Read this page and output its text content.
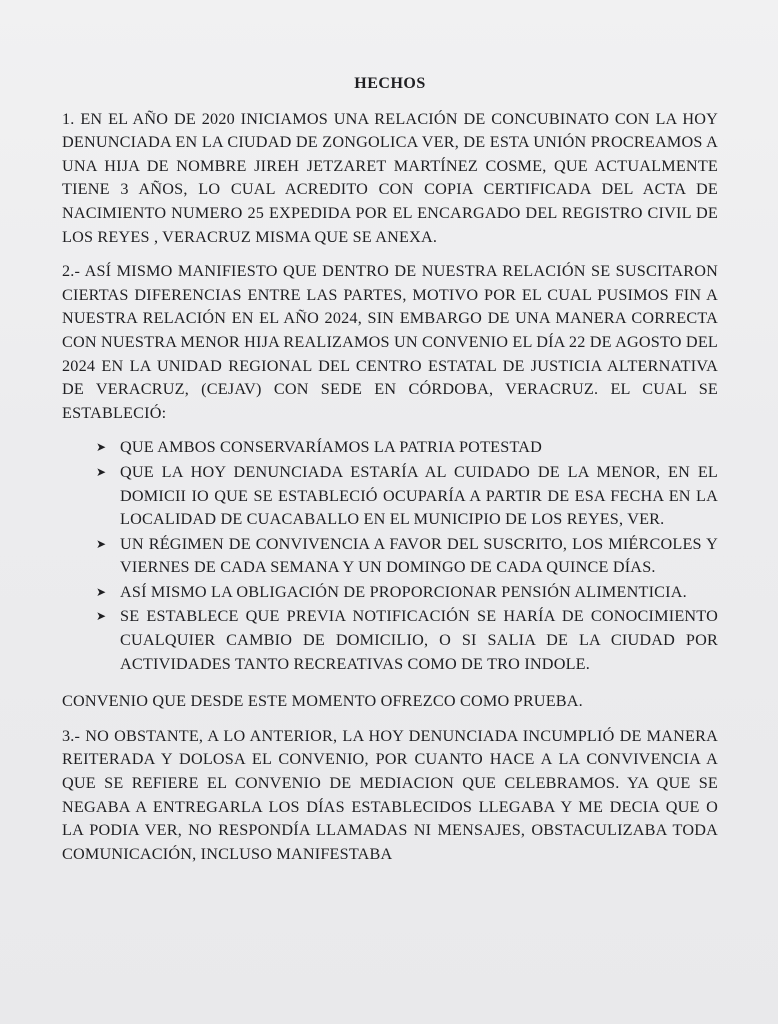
HECHOS

1. EN EL AÑO DE 2020 INICIAMOS UNA RELACIÓN DE CONCUBINATO CON LA HOY DENUNCIADA EN LA CIUDAD DE ZONGOLICA VER, DE ESTA UNIÓN PROCREAMOS A UNA HIJA DE NOMBRE JIREH JETZARET MARTÍNEZ COSME, QUE ACTUALMENTE TIENE 3 AÑOS, LO CUAL ACREDITO CON COPIA CERTIFICADA DEL ACTA DE NACIMIENTO NUMERO 25 EXPEDIDA POR EL ENCARGADO DEL REGISTRO CIVIL DE LOS REYES , VERACRUZ MISMA QUE SE ANEXA.

2.- ASÍ MISMO MANIFIESTO QUE DENTRO DE NUESTRA RELACIÓN SE SUSCITARON CIERTAS DIFERENCIAS ENTRE LAS PARTES, MOTIVO POR EL CUAL PUSIMOS FIN A NUESTRA RELACIÓN EN EL AÑO 2024, SIN EMBARGO DE UNA MANERA CORRECTA CON NUESTRA MENOR HIJA REALIZAMOS UN CONVENIO EL DÍA 22 DE AGOSTO DEL 2024 EN LA UNIDAD REGIONAL DEL CENTRO ESTATAL DE JUSTICIA ALTERNATIVA DE VERACRUZ, (CEJAV) CON SEDE EN CÓRDOBA, VERACRUZ. EL CUAL SE ESTABLECIÓ:

➤ QUE AMBOS CONSERVARÍAMOS LA PATRIA POTESTAD
➤ QUE LA HOY DENUNCIADA ESTARÍA AL CUIDADO DE LA MENOR, EN EL DOMICII IO QUE SE ESTABLECIÓ OCUPARÍA A PARTIR DE ESA FECHA EN LA LOCALIDAD DE CUACABALLO EN EL MUNICIPIO DE LOS REYES, VER.
➤ UN RÉGIMEN DE CONVIVENCIA A FAVOR DEL SUSCRITO, LOS MIÉRCOLES Y VIERNES DE CADA SEMANA Y UN DOMINGO DE CADA QUINCE DÍAS.
➤ ASÍ MISMO LA OBLIGACIÓN DE PROPORCIONAR PENSIÓN ALIMENTICIA.
➤ SE ESTABLECE QUE PREVIA NOTIFICACIÓN SE HARÍA DE CONOCIMIENTO CUALQUIER CAMBIO DE DOMICILIO, O SI SALIA DE LA CIUDAD POR ACTIVIDADES TANTO RECREATIVAS COMO DE TRO INDOLE.

CONVENIO QUE DESDE ESTE MOMENTO OFREZCO COMO PRUEBA.

3.- NO OBSTANTE, A LO ANTERIOR, LA HOY DENUNCIADA INCUMPLIÓ DE MANERA REITERADA Y DOLOSA EL CONVENIO, POR CUANTO HACE A LA CONVIVENCIA A QUE SE REFIERE EL CONVENIO DE MEDIACION QUE CELEBRAMOS. YA QUE SE NEGABA A ENTREGARLA LOS DÍAS ESTABLECIDOS LLEGABA Y ME DECIA QUE O LA PODIA VER, NO RESPONDÍA LLAMADAS NI MENSAJES, OBSTACULIZABA TODA COMUNICACIÓN, INCLUSO MANIFESTABA
